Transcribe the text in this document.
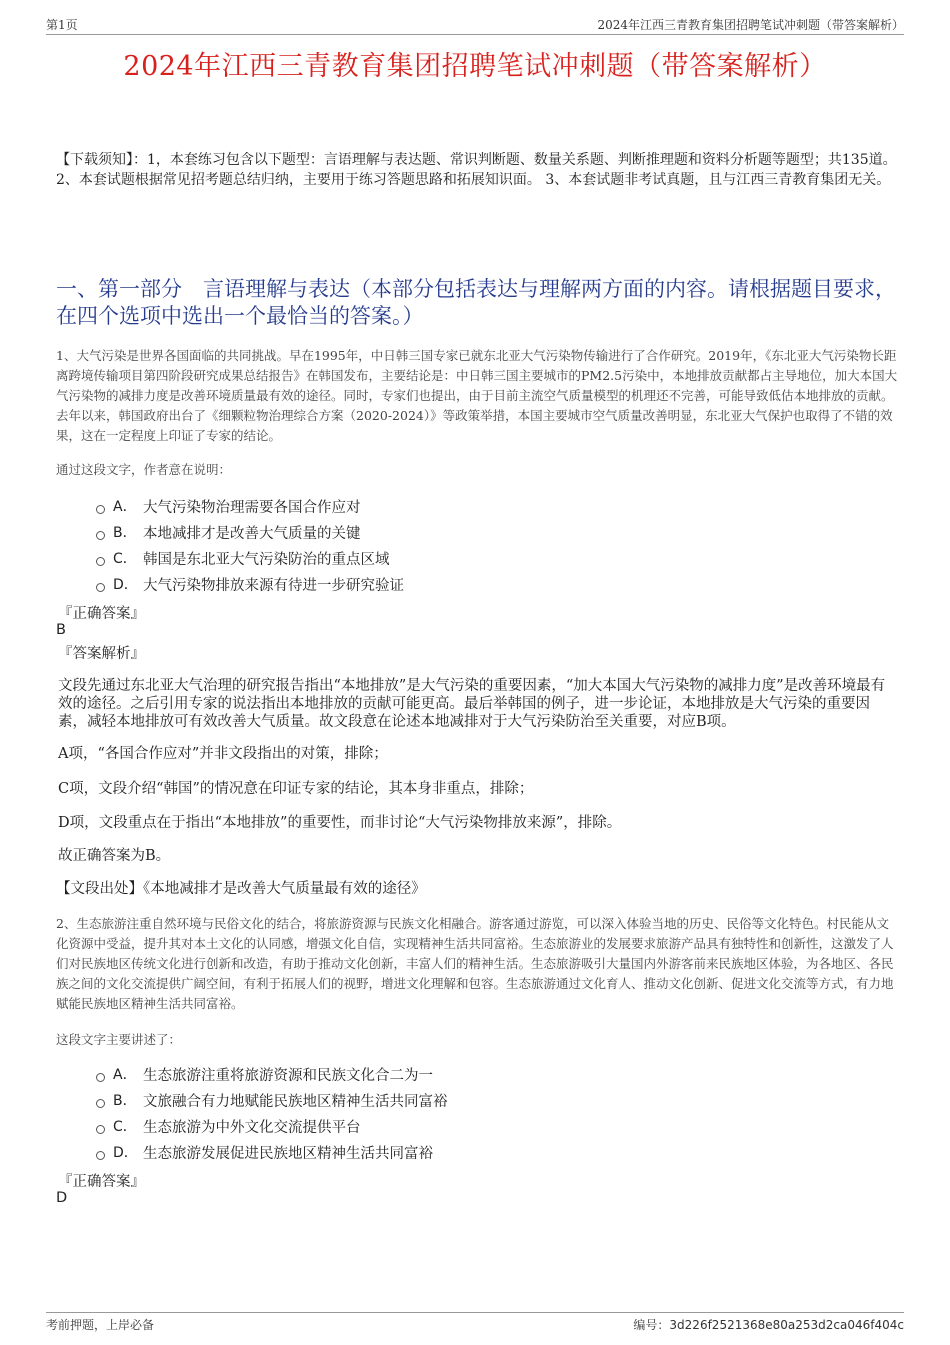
第1页	2024年江西三青教育集团招聘笔试冲刺题（带答案解析）
2024年江西三青教育集团招聘笔试冲刺题（带答案解析）
【下载须知】：1，本套练习包含以下题型：言语理解与表达题、常识判断题、数量关系题、判断推理题和资料分析题等题型；共135道。 2、本套试题根据常见招考题总结归纳，主要用于练习答题思路和拓展知识面。 3、本套试题非考试真题，且与江西三青教育集团无关。
一、第一部分　言语理解与表达（本部分包括表达与理解两方面的内容。请根据题目要求，在四个选项中选出一个最恰当的答案。）
1、大气污染是世界各国面临的共同挑战。早在1995年，中日韩三国专家已就东北亚大气污染物传输进行了合作研究。2019年，《东北亚大气污染物长距离跨境传输项目第四阶段研究成果总结报告》在韩国发布，主要结论是：中日韩三国主要城市的PM2.5污染中，本地排放贡献都占主导地位，加大本国大气污染物的减排力度是改善环境质量最有效的途径。同时，专家们也提出，由于目前主流空气质量模型的机理还不完善，可能导致低估本地排放的贡献。去年以来，韩国政府出台了《细颗粒物治理综合方案（2020-2024）》等政策举措，本国主要城市空气质量改善明显，东北亚大气保护也取得了不错的效果，这在一定程度上印证了专家的结论。
通过这段文字，作者意在说明：
A． 大气污染物治理需要各国合作应对
B． 本地减排才是改善大气质量的关键
C． 韩国是东北亚大气污染防治的重点区域
D． 大气污染物排放来源有待进一步研究验证
『正确答案』
B
『答案解析』
文段先通过东北亚大气治理的研究报告指出“本地排放”是大气污染的重要因素，“加大本国大气污染物的减排力度”是改善环境最有效的途径。之后引用专家的说法指出本地排放的贡献可能更高。最后举韩国的例子，进一步论证，本地排放是大气污染的重要因素，减轻本地排放可有效改善大气质量。故文段意在论述本地减排对于大气污染防治至关重要，对应B项。
A项，“各国合作应对”并非文段指出的对策，排除；
C项，文段介绍“韩国”的情况意在印证专家的结论，其本身非重点，排除；
D项，文段重点在于指出“本地排放”的重要性，而非讨论“大气污染物排放来源”，排除。
故正确答案为B。
【文段出处】《本地减排才是改善大气质量最有效的途径》
2、生态旅游注重自然环境与民俗文化的结合，将旅游资源与民族文化相融合。游客通过游览，可以深入体验当地的历史、民俗等文化特色。村民能从文化资源中受益，提升其对本土文化的认同感，增强文化自信，实现精神生活共同富裕。生态旅游业的发展要求旅游产品具有独特性和创新性，这激发了人们对民族地区传统文化进行创新和改造，有助于推动文化创新，丰富人们的精神生活。生态旅游吸引大量国内外游客前来民族地区体验，为各地区、各民族之间的文化交流提供广阔空间，有利于拓展人们的视野，增进文化理解和包容。生态旅游通过文化育人、推动文化创新、促进文化交流等方式，有力地赋能民族地区精神生活共同富裕。
这段文字主要讲述了：
A． 生态旅游注重将旅游资源和民族文化合二为一
B． 文旅融合有力地赋能民族地区精神生活共同富裕
C． 生态旅游为中外文化交流提供平台
D． 生态旅游发展促进民族地区精神生活共同富裕
『正确答案』
D
考前押题，上岸必备	编号：3d226f2521368e80a253d2ca046f404c
